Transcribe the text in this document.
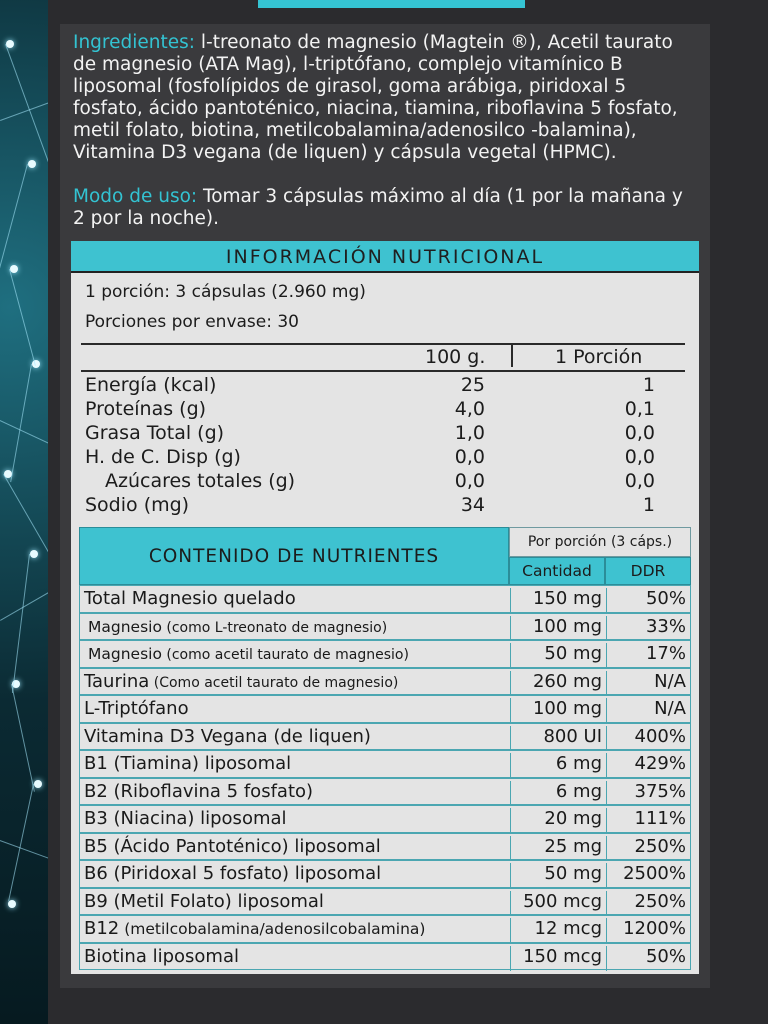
Ingredientes: l-treonato de magnesio (Magtein ®), Acetil taurato de magnesio (ATA Mag), l-triptófano, complejo vitamínico B liposomal (fosfolípidos de girasol, goma arábiga, piridoxal 5 fosfato, ácido pantoténico, niacina, tiamina, riboflavina 5 fosfato, metil folato, biotina, metilcobalamina/adenosilco -balamina), Vitamina D3 vegana (de liquen) y cápsula vegetal (HPMC).
Modo de uso: Tomar 3 cápsulas máximo al día (1 por la mañana y 2 por la noche).
INFORMACIÓN NUTRICIONAL
1 porción: 3 cápsulas (2.960 mg)
Porciones por envase: 30
100 g.	1 Porción
Energía (kcal)	25	1
Proteínas (g)	4,0	0,1
Grasa Total (g)	1,0	0,0
H. de C. Disp (g)	0,0	0,0
Azúcares totales (g)	0,0	0,0
Sodio (mg)	34	1
CONTENIDO DE NUTRIENTES
Por porción (3 cáps.)
Cantidad	DDR
Total Magnesio quelado	150 mg	50%
Magnesio (como L-treonato de magnesio)	100 mg	33%
Magnesio (como acetil taurato de magnesio)	50 mg	17%
Taurina (Como acetil taurato de magnesio)	260 mg	N/A
L-Triptófano	100 mg	N/A
Vitamina D3 Vegana (de liquen)	800 UI	400%
B1 (Tiamina) liposomal	6 mg	429%
B2 (Riboflavina 5 fosfato)	6 mg	375%
B3 (Niacina) liposomal	20 mg	111%
B5 (Ácido Pantoténico) liposomal	25 mg	250%
B6 (Piridoxal 5 fosfato) liposomal	50 mg	2500%
B9 (Metil Folato) liposomal	500 mcg	250%
B12 (metilcobalamina/adenosilcobalamina)	12 mcg	1200%
Biotina liposomal	150 mcg	50%
